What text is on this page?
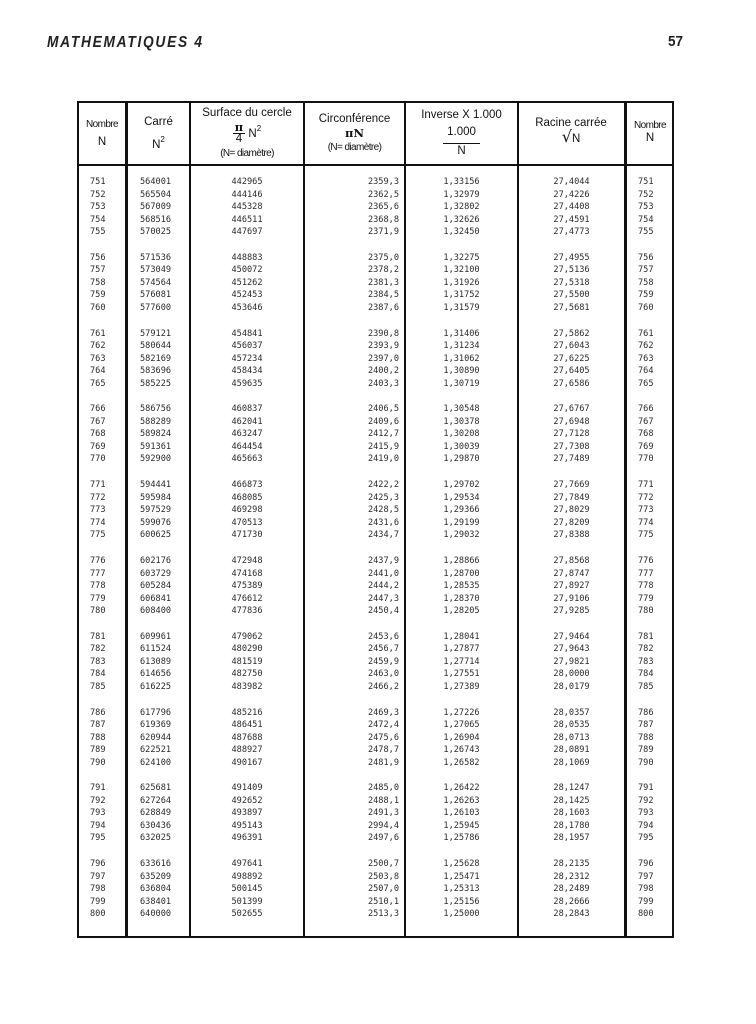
MATHEMATIQUES 4	57
Nombre
N
Carré
$N^2$
Surface du cercle
$\frac{\pi}{4} N^2$
(N= diamètre)
Circonférence
πN
(N= diamètre)
Inverse X 1.000
$\frac{1.000}{N}$
Racine carrée
√N
Nombre
N
751
752
753
754
755
564001
565504
567009
568516
570025
442965
444146
445328
446511
447697
2359,3
2362,5
2365,6
2368,8
2371,9
1,33156
1,32979
1,32802
1,32626
1,32450
27,4044
27,4226
27,4408
27,4591
27,4773
751
752
753
754
755
756
757
758
759
760
571536
573049
574564
576081
577600
448883
450072
451262
452453
453646
2375,0
2378,2
2381,3
2384,5
2387,6
1,32275
1,32100
1,31926
1,31752
1,31579
27,4955
27,5136
27,5318
27,5500
27,5681
756
757
758
759
760
761
762
763
764
765
579121
580644
582169
583696
585225
454841
456037
457234
458434
459635
2390,8
2393,9
2397,0
2400,2
2403,3
1,31406
1,31234
1,31062
1,30890
1,30719
27,5862
27,6043
27,6225
27,6405
27,6586
761
762
763
764
765
766
767
768
769
770
586756
588289
589824
591361
592900
460837
462041
463247
464454
465663
2406,5
2409,6
2412,7
2415,9
2419,0
1,30548
1,30378
1,30208
1,30039
1,29870
27,6767
27,6948
27,7128
27,7308
27,7489
766
767
768
769
770
771
772
773
774
775
594441
595984
597529
599076
600625
466873
468085
469298
470513
471730
2422,2
2425,3
2428,5
2431,6
2434,7
1,29702
1,29534
1,29366
1,29199
1,29032
27,7669
27,7849
27,8029
27,8209
27,8388
771
772
773
774
775
776
777
778
779
780
602176
603729
605284
606841
608400
472948
474168
475389
476612
477836
2437,9
2441,0
2444,2
2447,3
2450,4
1,28866
1,28700
1,28535
1,28370
1,28205
27,8568
27,8747
27,8927
27,9106
27,9285
776
777
778
779
780
781
782
783
784
785
609961
611524
613089
614656
616225
479062
480290
481519
482750
483982
2453,6
2456,7
2459,9
2463,0
2466,2
1,28041
1,27877
1,27714
1,27551
1,27389
27,9464
27,9643
27,9821
28,0000
28,0179
781
782
783
784
785
786
787
788
789
790
617796
619369
620944
622521
624100
485216
486451
487688
488927
490167
2469,3
2472,4
2475,6
2478,7
2481,9
1,27226
1,27065
1,26904
1,26743
1,26582
28,0357
28,0535
28,0713
28,0891
28,1069
786
787
788
789
790
791
792
793
794
795
625681
627264
628849
630436
632025
491409
492652
493897
495143
496391
2485,0
2488,1
2491,3
2994,4
2497,6
1,26422
1,26263
1,26103
1,25945
1,25786
28,1247
28,1425
28,1603
28,1780
28,1957
791
792
793
794
795
796
797
798
799
800
633616
635209
636804
638401
640000
497641
498892
500145
501399
502655
2500,7
2503,8
2507,0
2510,1
2513,3
1,25628
1,25471
1,25313
1,25156
1,25000
28,2135
28,2312
28,2489
28,2666
28,2843
796
797
798
799
800
